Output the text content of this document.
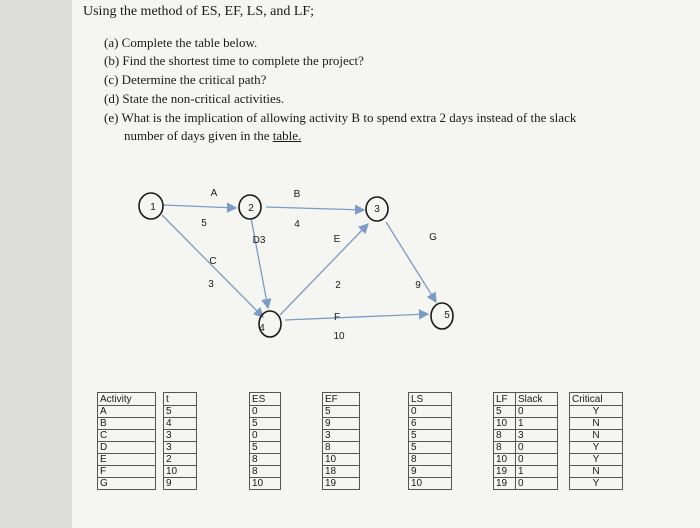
Using the method of ES, EF, LS, and LF;
(a) Complete the table below.
(b) Find the shortest time to complete the project?
(c) Determine the critical path?
(d) State the non-critical activities.
(e) What is the implication of allowing activity B to spend extra 2 days instead of the slack
number of days given in the table.
1	2	3
4
5
A
5
B
4
C
3
D3	E
2
F
10
G
9
Activity		t		ES		EF		LS		LF	Slack		Critical
A		5		0		5		0		5	0		Y
B		4		5		9		6		10	1		N
C		3		0		3		5		8	3		N
D		3		5		8		5		8	0		Y
E		2		8		10		8		10	0		Y
F		10		8		18		9		19	1		N
G		9		10		19		10		19	0		Y
